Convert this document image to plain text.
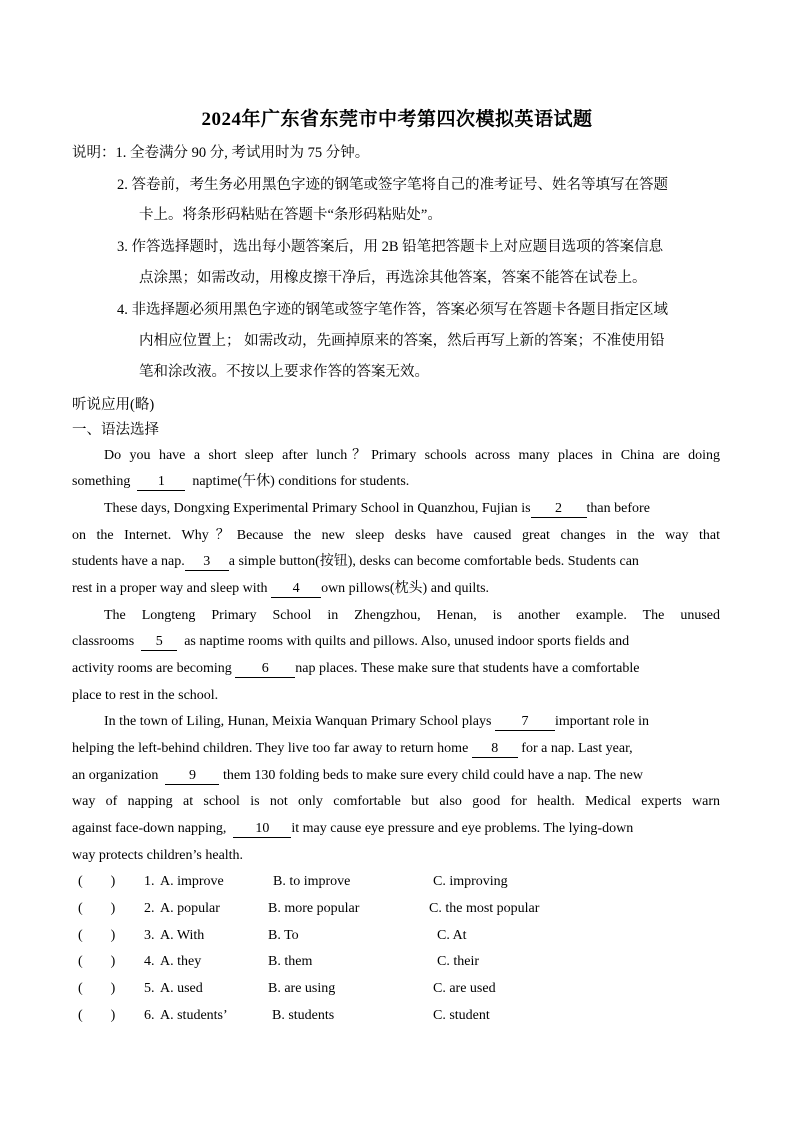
2024年广东省东莞市中考第四次模拟英语试题
说明：1. 全卷满分 90 分, 考试用时为 75 分钟。
2. 答卷前，考生务必用黑色字迹的钢笔或签字笔将自己的准考证号、姓名等填写在答题
卡上。将条形码粘贴在答题卡“条形码粘贴处”。
3. 作答选择题时，选出每小题答案后，用 2B 铅笔把答题卡上对应题目选项的答案信息
点涂黑；如需改动，用橡皮擦干净后，再选涂其他答案，答案不能答在试卷上。
4. 非选择题必须用黑色字迹的钢笔或签字笔作答，答案必须写在答题卡各题目指定区域
内相应位置上； 如需改动，先画掉原来的答案，然后再写上新的答案；不准使用铅
笔和涂改液。不按以上要求作答的答案无效。
听说应用(略)
一、语法选择
Do you have a short sleep after lunch？Primary schools across many places in China are doing
something 1 naptime(午休) conditions for students.
These days, Dongxing Experimental Primary School in Quanzhou, Fujian is 2 than before
on the Internet. Why？Because the new sleep desks have caused great changes in the way that
students have a nap. 3 a simple button(按钮), desks can become comfortable beds. Students can
rest in a proper way and sleep with 4 own pillows(枕头) and quilts.
The Longteng Primary School in Zhengzhou, Henan, is another example. The unused
classrooms 5 as naptime rooms with quilts and pillows. Also, unused indoor sports fields and
activity rooms are becoming 6 nap places. These make sure that students have a comfortable
place to rest in the school.
In the town of Liling, Hunan, Meixia Wanquan Primary School plays 7 important role in
helping the left-behind children. They live too far away to return home 8 for a nap. Last year,
an organization 9 them 130 folding beds to make sure every child could have a nap. The new
way of napping at school is not only comfortable but also good for health. Medical experts warn
against face-down napping, 10 it may cause eye pressure and eye problems. The lying-down
way protects children’s health.
(　　) 1. A. improve	B. to improve	C. improving
(　　) 2. A. popular	B. more popular	C. the most popular
(　　) 3. A. With	B. To	C. At
(　　) 4. A. they	B. them	C. their
(　　) 5. A. used	B. are using	C. are used
(　　) 6. A. students’	B. students	C. student
